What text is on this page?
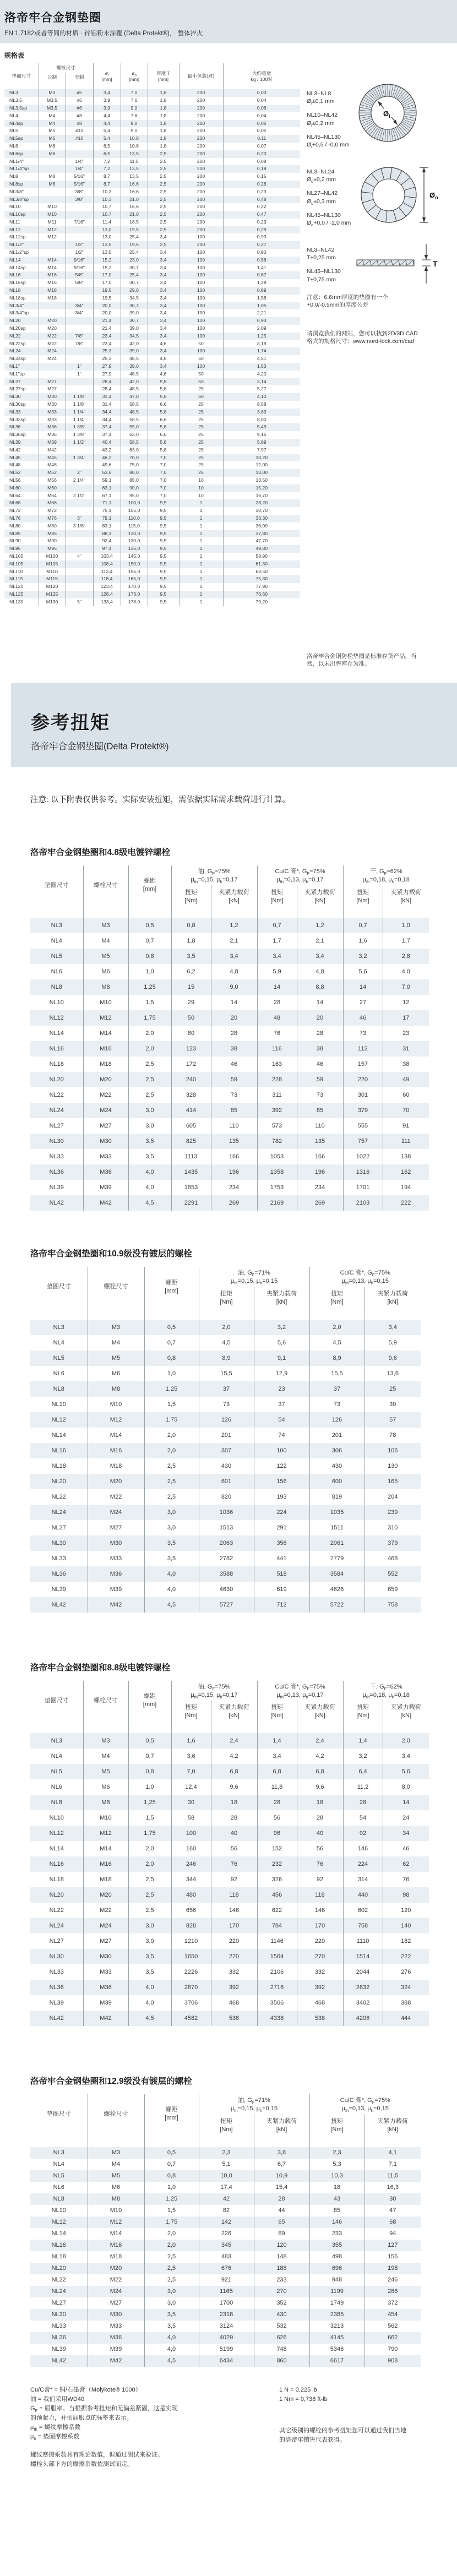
洛帝牢合金钢垫圈

EN 1.7182或者等同的材质 · 锌铝粉末涂覆 (Delta Protekt®)， 整体淬火

规格表
垫圈尺寸	螺栓尺寸		$ø_i$
[mm]	$ø_o$
[mm]	厚度 T
[mm]	最小包装(对)	大约重量
kg / 100对
	公制	美制					
NL3	M3	#5	3,4	7,0	1,8	200	0,03
NL3,5	M3,5	#6	3,9	7,6	1,8	200	0,04
NL3,5sp	M3,5	#6	3,9	9,0	1,8	200	0,06
NL4	M4	#8	4,4	7,6	1,8	200	0,04
NL4sp	M4	#8	4,4	9,0	1,8	200	0,06
NL5	M5	#10	5,4	9,0	1,8	200	0,05
NL5sp	M5	#10	5,4	10,8	1,8	200	0,11
NL6	M6		6,5	10,8	1,8	200	0,07
NL6sp	M6		6,5	13,5	2,5	200	0,20
NL1/4"		1/4"	7,2	11,5	2,5	200	0,08
NL1/4"sp		1/4"	7,2	13,5	2,5	200	0,18
NL8	M8	5/16"	8,7	13,5	2,5	200	0,15
NL8sp	M8	5/16"	8,7	16,6	2,5	200	0,28
NL3/8"		3/8"	10,3	16,6	2,5	200	0,23
NL3/8"sp		3/8"	10,3	21,0	2,5	200	0,48
NL10	M10		10,7	16,6	2,5	200	0,22
NL10sp	M10		10,7	21,0	2,5	200	0,47
NL11	M11	7/16"	11,4	18,5	2,5	200	0,29
NL12	M12		13,0	19,5	2,5	200	0,29
NL12sp	M12		13,0	25,4	3,4	100	0,93
NL1/2"		1/2"	13,5	19,5	2,5	200	0,27
NL1/2"sp		1/2"	13,5	25,4	3,4	100	0,90
NL14	M14	9/16"	15,2	23,0	3,4	100	0,56
NL14sp	M14	9/16"	15,2	30,7	3,4	100	1,41
NL16	M16	5/8"	17,0	25,4	3,4	100	0,67
NL16sp	M16	5/8"	17,0	30,7	3,4	100	1,28
NL18	M18		19,5	29,0	3,4	100	0,89
NL18sp	M18		19,5	34,5	3,4	100	1,58
NL3/4"		3/4"	20,0	30,7	3,4	100	1,05
NL3/4"sp		3/4"	20,0	39,0	3,4	100	2,21
NL20	M20		21,4	30,7	3,4	100	0,93
NL20sp	M20		21,4	39,0	3,4	100	2,09
NL22	M22	7/8"	23,4	34,5	3,4	100	1,25
NL22sp	M22	7/8"	23,4	42,0	4,6	50	3,19
NL24	M24		25,3	39,0	3,4	100	1,74
NL24sp	M24		25,3	48,5	4,6	50	4,51
NL1"		1"	27,9	39,0	3,4	100	1,53
NL1"sp		1"	27,9	48,5	4,6	50	4,20
NL27	M27		28,4	42,0	5,8	50	3,14
NL27sp	M27		28,4	48,5	5,8	25	5,27
NL30	M30	1 1/8"	31,4	47,0	5,8	50	4,10
NL30sp	M30	1 1/8"	31,4	58,5	6,6	25	8,58
NL33	M33	1 1/4"	34,4	48,5	5,8	25	3,89
NL33sp	M33	1 1/4"	34,4	58,5	6,6	25	8,00
NL36	M36	1 3/8"	37,4	55,0	5,8	25	5,49
NL36sp	M36	1 3/8"	37,4	63,0	6,6	25	9,15
NL39	M39	1 1/2"	40,4	58,5	5,8	25	5,89
NL42	M42		43,2	63,0	5,8	25	7,97
NL45	M45	1 3/4"	46,2	70,0	7,0	25	10,20
NL48	M48		49,6	75,0	7,0	25	12,00
NL52	M52	2"	53,6	80,0	7,0	25	13,00
NL56	M56	2 1/4"	59,1	85,0	7,0	10	13,50
NL60	M60		63,1	90,0	7,0	10	15,20
NL64	M64	2 1/2"	67,1	95,0	7,0	10	16,70
NL68	M68		71,1	100,0	9,5	1	28,20
NL72	M72		75,1	105,0	9,5	1	30,70
NL76	M76	3"	79,1	110,0	9,5	1	33,30
NL80	M80	3 1/8"	83,1	115,0	9,5	1	36,00
NL85	M85		88,1	120,0	9,5	1	37,80
NL90	M90		92,4	130,0	9,5	1	47,70
NL95	M95		97,4	135,0	9,5	1	49,80
NL100	M100	4"	103,4	145,0	9,5	1	58,90
NL105	M105		108,4	150,0	9,5	1	61,30
NL110	M110		113,4	155,0	9,5	1	63,50
NL115	M115		118,4	165,0	9,5	1	75,30
NL120	M120		123,4	170,0	9,5	1	77,90
NL125	M125		128,4	173,0	9,5	1	76,60
NL130	M130	5"	133,4	178,0	9,5	1	79,20
NL3–NL8
$Ø_i\pm 0,1$ mm
NL10–NL42
$Ø_i\pm 0,2$ mm
NL45–NL130
$Ø_i+0,5 / -0,0$ mm
$Ø_i$
NL3–NL24
$Ø_o\pm 0,2$ mm
NL27–NL42
$Ø_o\pm 0,3$ mm
NL45–NL130
$Ø_o+0,0 / -2,0$ mm
$Ø_o$
NL3–NL42
T±0,25 mm
NL45–NL130
T±0,75 mm
T
注意：6.6mm厚度的垫圈有一个
+0,0/-0.5mm的厚度公差
请浏览我们的网站，您可以找到2D/3D CAD
格式的规格尺寸：www.nord-lock.com/cad
洛帝牢合金钢防松垫圈是标准存货产品，当
然，以未出售库存为准。
参考扭矩

洛帝牢合金钢垫圈(Delta Protekt®)

注意: 以下附表仅供参考。实际安装扭矩，需依据实际需求载荷进行计算。
洛帝牢合金钢垫圈和4.8级电镀锌螺栓
垫圈尺寸	螺栓尺寸	螺距
[mm]	油, $G_F=75\%$
$\mu_{th}=0,15$, $\mu_h=0,17$		Cu/C 膏*, $G_F=75\%$
$\mu_{th}=0,13$, $\mu_h=0,17$		干, $G_F=62\%$
$\mu_{th}=0,18$, $\mu_h=0,18$	
			扭矩
[Nm]	夹紧力载荷
[kN]	扭矩
[Nm]	夹紧力载荷
[kN]	扭矩
[Nm]	夹紧力载荷
[kN]
NL3	M3	0,5	0,8	1,2	0,7	1,2	0,7	1,0
NL4	M4	0,7	1,8	2,1	1,7	2,1	1,6	1,7
NL5	M5	0,8	3,5	3,4	3,4	3,4	3,2	2,8
NL6	M6	1,0	6,2	4,8	5,9	4,8	5,6	4,0
NL8	M8	1,25	15	9,0	14	8,8	14	7,0
NL10	M10	1,5	29	14	28	14	27	12
NL12	M12	1,75	50	20	48	20	46	17
NL14	M14	2,0	80	28	76	28	73	23
NL16	M16	2,0	123	38	116	38	112	31
NL18	M18	2,5	172	46	163	46	157	38
NL20	M20	2,5	240	59	228	59	220	49
NL22	M22	2,5	328	73	311	73	301	60
NL24	M24	3,0	414	85	392	85	379	70
NL27	M27	3,0	605	110	573	110	555	91
NL30	M30	3,5	825	135	782	135	757	111
NL33	M33	3,5	1113	166	1053	166	1022	138
NL36	M36	4,0	1435	196	1358	196	1316	162
NL39	M39	4,0	1853	234	1753	234	1701	194
NL42	M42	4,5	2291	269	2169	269	2103	222
洛帝牢合金钢垫圈和10.9级没有镀层的螺栓
垫圈尺寸	螺栓尺寸	螺距
[mm]	油, $G_F=71\%$
$\mu_{th}=0,15$, $\mu_h=0,15$		Cu/C 膏*, $G_F=75\%$
$\mu_{th}=0,13$, $\mu_h=0,15$	
			扭矩
[Nm]	夹紧力载荷
[kN]	扭矩
[Nm]	夹紧力载荷
[kN]
NL3	M3	0,5	2,0	3,2	2,0	3,4
NL4	M4	0,7	4,5	5,6	4,5	5,9
NL5	M5	0,8	8,9	9,1	8,9	9,6
NL6	M6	1,0	15,5	12,9	15,5	13,6
NL8	M8	1,25	37	23	37	25
NL10	M10	1,5	73	37	73	39
NL12	M12	1,75	126	54	126	57
NL14	M14	2,0	201	74	201	78
NL16	M16	2,0	307	100	306	106
NL18	M18	2,5	430	122	430	130
NL20	M20	2,5	601	156	600	165
NL22	M22	2,5	820	193	819	204
NL24	M24	3,0	1036	224	1035	239
NL27	M27	3,0	1513	291	1511	310
NL30	M30	3,5	2063	356	2061	379
NL33	M33	3,5	2782	441	2779	468
NL36	M36	4,0	3588	518	3584	552
NL39	M39	4,0	4630	619	4626	659
NL42	M42	4,5	5727	712	5722	758
洛帝牢合金钢垫圈和8.8级电镀锌螺栓
垫圈尺寸	螺栓尺寸	螺距
[mm]	油, $G_F=75\%$
$\mu_{th}=0,15$, $\mu_h=0,17$		Cu/C 膏*, $G_F=75\%$
$\mu_{th}=0,13$, $\mu_h=0,17$		干, $G_F=62\%$
$\mu_{th}=0,18$, $\mu_h=0,18$	
			扭矩
[Nm]	夹紧力载荷
[kN]	扭矩
[Nm]	夹紧力载荷
[kN]	扭矩
[Nm]	夹紧力载荷
[kN]
NL3	M3	0,5	1,6	2,4	1,4	2,4	1,4	2,0
NL4	M4	0,7	3,6	4,2	3,4	4,2	3,2	3,4
NL5	M5	0,8	7,0	6,8	6,8	6,8	6,4	5,6
NL6	M6	1,0	12,4	9,6	11,8	9,6	11,2	8,0
NL8	M8	1,25	30	18	28	18	28	14
NL10	M10	1,5	58	28	56	28	54	24
NL12	M12	1,75	100	40	96	40	92	34
NL14	M14	2,0	160	56	152	56	146	46
NL16	M16	2,0	246	76	232	76	224	62
NL18	M18	2,5	344	92	326	92	314	76
NL20	M20	2,5	480	118	456	118	440	98
NL22	M22	2,5	656	146	622	146	602	120
NL24	M24	3,0	828	170	784	170	758	140
NL27	M27	3,0	1210	220	1146	220	1110	182
NL30	M30	3,5	1650	270	1564	270	1514	222
NL33	M33	3,5	2226	332	2106	332	2044	276
NL36	M36	4,0	2870	392	2716	392	2632	324
NL39	M39	4,0	3706	468	3506	468	3402	388
NL42	M42	4,5	4582	538	4338	538	4206	444
洛帝牢合金钢垫圈和12.9级没有镀层的螺栓
垫圈尺寸	螺栓尺寸	螺距
[mm]	油, $G_F=71\%$
$\mu_{th}=0,15$, $\mu_h=0,15$		Cu/C 膏*, $G_F=75\%$
$\mu_{th}=0,13$, $\mu_h=0,15$	
			扭矩
[Nm]	夹紧力载荷
[kN]	扭矩
[Nm]	夹紧力载荷
[kN]
NL3	M3	0,5	2,3	3,8	2,3	4,1
NL4	M4	0,7	5,1	6,7	5,3	7,1
NL5	M5	0,8	10,0	10,9	10,3	11,5
NL6	M6	1,0	17,4	15,4	18	16,3
NL8	M8	1,25	42	28	43	30
NL10	M10	1,5	82	44	85	47
NL12	M12	1,75	142	65	146	68
NL14	M14	2,0	226	89	233	94
NL16	M16	2,0	345	120	355	127
NL18	M18	2,5	483	148	498	156
NL20	M20	2,5	676	188	696	198
NL22	M22	2,5	921	233	948	246
NL24	M24	3,0	1165	270	1199	286
NL27	M27	3,0	1700	352	1749	372
NL30	M30	3,5	2318	430	2385	454
NL33	M33	3,5	3124	532	3213	562
NL36	M36	4,0	4029	626	4145	662
NL39	M39	4,0	5199	748	5346	790
NL42	M42	4,5	6434	860	6617	908
Cu/C膏* = 铜/石墨膏（Molykote® 1000）
油 = 我们采用WD40
$G_F$ = 屈服率。当根据参考扭矩和无偏差紧固，这是实现
的预紧力，并依屈服点的%率来表示。
$\mu_{th}$ = 螺纹摩擦系数
$\mu_h$ = 垫圈摩擦系数
螺纹摩擦系数具有理论数值，但通过测试来验证。
螺栓头部下方的摩擦系数依测试而定。
1 N = 0,225 lb
1 Nm = 0,738 ft-lb
其它级别的螺栓的参考扭矩您可以通过我们当地
的洛帝牢销售代表获得。
